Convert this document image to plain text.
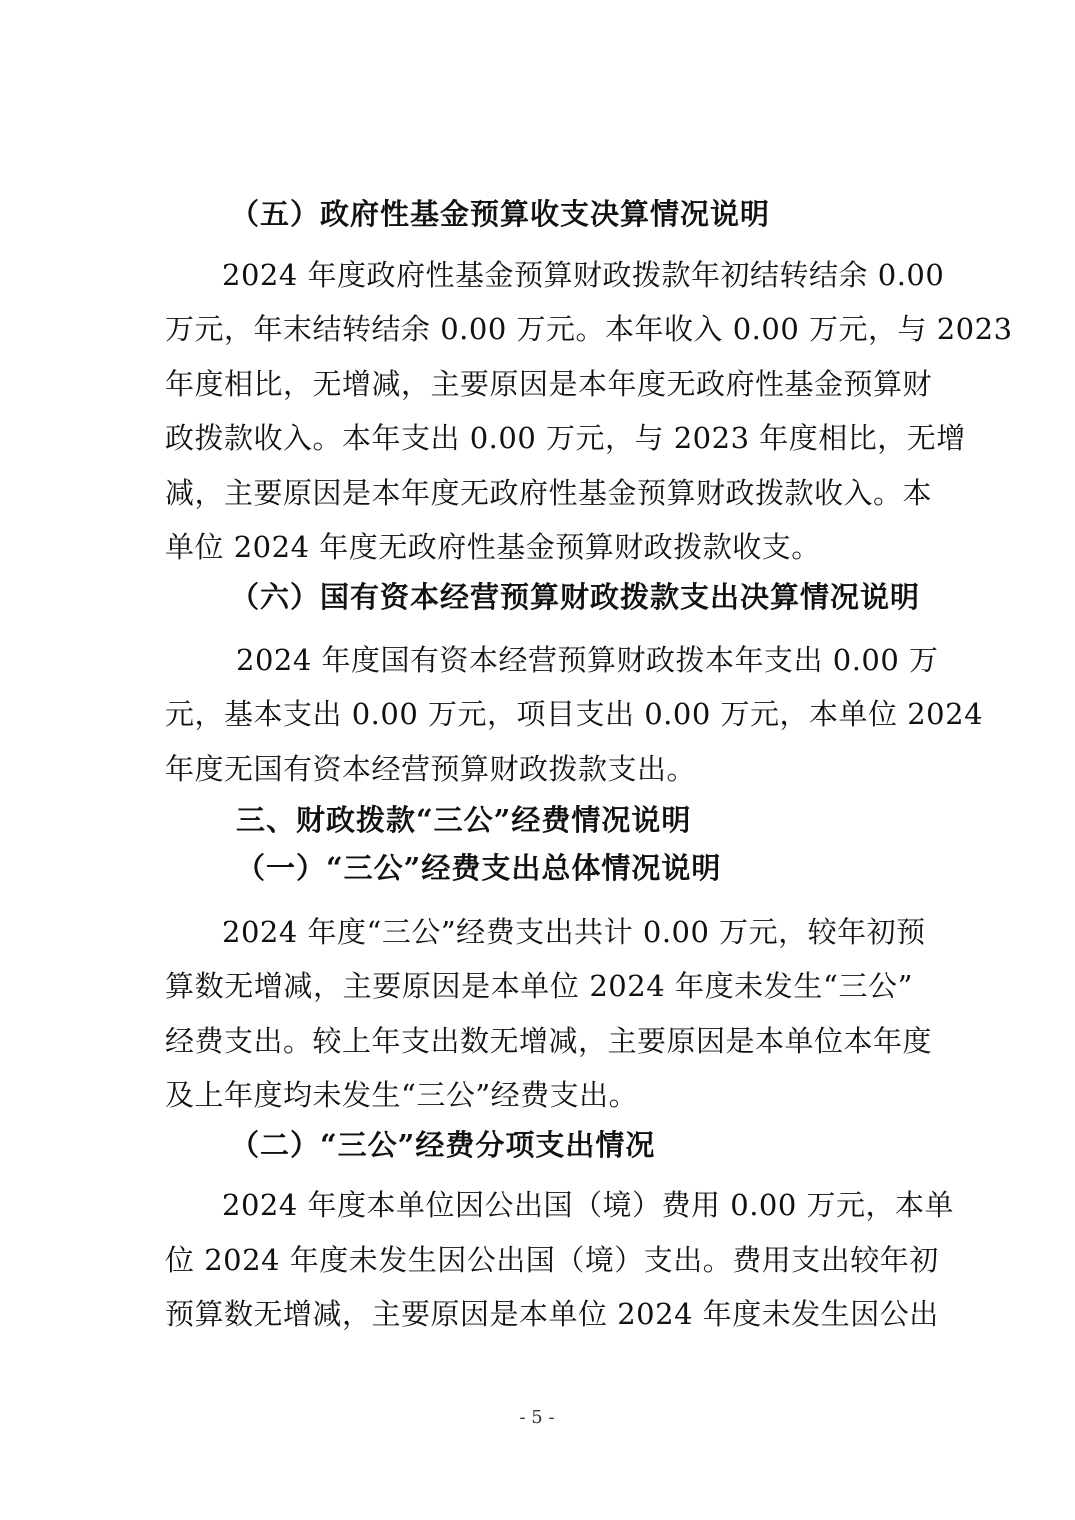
（五）政府性基金预算收支决算情况说明
2024 年度政府性基金预算财政拨款年初结转结余 0.00
万元，年末结转结余 0.00 万元。本年收入 0.00 万元，与 2023
年度相比，无增减，主要原因是本年度无政府性基金预算财
政拨款收入。本年支出 0.00 万元，与 2023 年度相比，无增
减，主要原因是本年度无政府性基金预算财政拨款收入。本
单位 2024 年度无政府性基金预算财政拨款收支。
（六）国有资本经营预算财政拨款支出决算情况说明
2024 年度国有资本经营预算财政拨本年支出 0.00 万
元，基本支出 0.00 万元，项目支出 0.00 万元，本单位 2024
年度无国有资本经营预算财政拨款支出。
三、财政拨款“三公”经费情况说明
（一）“三公”经费支出总体情况说明
2024 年度“三公”经费支出共计 0.00 万元，较年初预
算数无增减，主要原因是本单位 2024 年度未发生“三公”
经费支出。较上年支出数无增减，主要原因是本单位本年度
及上年度均未发生“三公”经费支出。
（二）“三公”经费分项支出情况
2024 年度本单位因公出国（境）费用 0.00 万元，本单
位 2024 年度未发生因公出国（境）支出。费用支出较年初
预算数无增减，主要原因是本单位 2024 年度未发生因公出
- 5 -
